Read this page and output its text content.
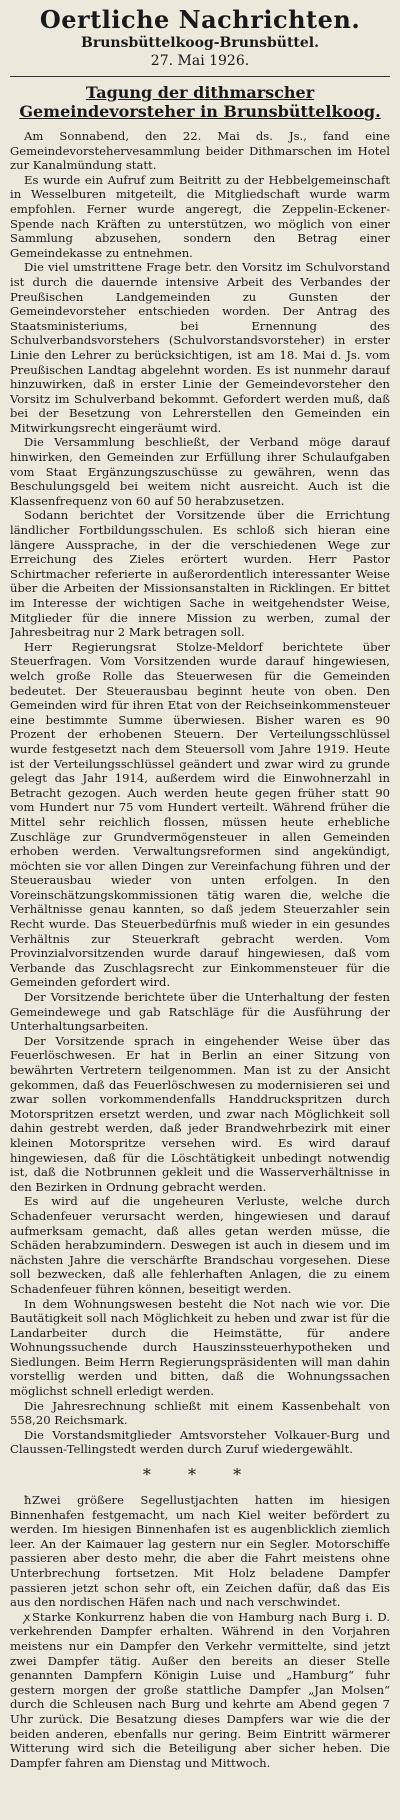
Oertliche Nachrichten.
Brunsbüttelkoog-Brunsbüttel.
27. Mai 1926.
Tagung der dithmarscher Gemeindevorsteher in Brunsbüttelkoog.

Am Sonnabend, den 22. Mai ds. Js., fand eine Gemeindevorstehervesammlung beider Dithmarschen im Hotel zur Kanalmündung statt.

Es wurde ein Aufruf zum Beitritt zu der Hebbelgemeinschaft in Wesselburen mitgeteilt, die Mitgliedschaft wurde warm empfohlen. Ferner wurde angeregt, die Zeppelin-Eckener-Spende nach Kräften zu unterstützen, wo möglich von einer Sammlung abzusehen, sondern den Betrag einer Gemeindekasse zu entnehmen.

Die viel umstrittene Frage betr. den Vorsitz im Schulvorstand ist durch die dauernde intensive Arbeit des Verbandes der Preußischen Landgemeinden zu Gunsten der Gemeindevorsteher entschieden worden. Der Antrag des Staatsministeriums, bei Ernennung des Schulverbandsvorstehers (Schulvorstandsvorsteher) in erster Linie den Lehrer zu berücksichtigen, ist am 18. Mai d. Js. vom Preußischen Landtag abgelehnt worden. Es ist nunmehr darauf hinzuwirken, daß in erster Linie der Gemeindevorsteher den Vorsitz im Schulverband bekommt. Gefordert werden muß, daß bei der Besetzung von Lehrerstellen den Gemeinden ein Mitwirkungsrecht eingeräumt wird.

Die Versammlung beschließt, der Verband möge darauf hinwirken, den Gemeinden zur Erfüllung ihrer Schulaufgaben vom Staat Ergänzungszuschüsse zu gewähren, wenn das Beschulungsgeld bei weitem nicht ausreicht. Auch ist die Klassenfrequenz von 60 auf 50 herabzusetzen.

Sodann berichtet der Vorsitzende über die Errichtung ländlicher Fortbildungsschulen. Es schloß sich hieran eine längere Aussprache, in der die verschiedenen Wege zur Erreichung des Zieles erörtert wurden. Herr Pastor Schirtmacher referierte in außerordentlich interessanter Weise über die Arbeiten der Missionsanstalten in Ricklingen. Er bittet im Interesse der wichtigen Sache in weitgehendster Weise, Mitglieder für die innere Mission zu werben, zumal der Jahresbeitrag nur 2 Mark betragen soll.

Herr Regierungsrat Stolze-Meldorf berichtete über Steuerfragen. Vom Vorsitzenden wurde darauf hingewiesen, welch große Rolle das Steuerwesen für die Gemeinden bedeutet. Der Steuerausbau beginnt heute von oben. Den Gemeinden wird für ihren Etat von der Reichseinkommensteuer eine bestimmte Summe überwiesen. Bisher waren es 90 Prozent der erhobenen Steuern. Der Verteilungsschlüssel wurde festgesetzt nach dem Steuersoll vom Jahre 1919. Heute ist der Verteilungsschlüssel geändert und zwar wird zu grunde gelegt das Jahr 1914, außerdem wird die Einwohnerzahl in Betracht gezogen. Auch werden heute gegen früher statt 90 vom Hundert nur 75 vom Hundert verteilt. Während früher die Mittel sehr reichlich flossen, müssen heute erhebliche Zuschläge zur Grundvermögensteuer in allen Gemeinden erhoben werden. Verwaltungsreformen sind angekündigt, möchten sie vor allen Dingen zur Vereinfachung führen und der Steuerausbau wieder von unten erfolgen. In den Voreinschätzungskommissionen tätig waren die, welche die Verhältnisse genau kannten, so daß jedem Steuerzahler sein Recht wurde. Das Steuerbedürfnis muß wieder in ein gesundes Verhältnis zur Steuerkraft gebracht werden. Vom Provinzialvorsitzenden wurde darauf hingewiesen, daß vom Verbande das Zuschlagsrecht zur Einkommensteuer für die Gemeinden gefordert wird.

Der Vorsitzende berichtete über die Unterhaltung der festen Gemeindewege und gab Ratschläge für die Ausführung der Unterhaltungsarbeiten.

Der Vorsitzende sprach in eingehender Weise über das Feuerlöschwesen. Er hat in Berlin an einer Sitzung von bewährten Vertretern teilgenommen. Man ist zu der Ansicht gekommen, daß das Feuerlöschwesen zu modernisieren sei und zwar sollen vorkommendenfalls Handdruckspritzen durch Motorspritzen ersetzt werden, und zwar nach Möglichkeit soll dahin gestrebt werden, daß jeder Brandwehrbezirk mit einer kleinen Motorspritze versehen wird. Es wird darauf hingewiesen, daß für die Löschtätigkeit unbedingt notwendig ist, daß die Notbrunnen gekleit und die Wasserverhältnisse in den Bezirken in Ordnung gebracht werden.

Es wird auf die ungeheuren Verluste, welche durch Schadenfeuer verursacht werden, hingewiesen und darauf aufmerksam gemacht, daß alles getan werden müsse, die Schäden herabzumindern. Deswegen ist auch in diesem und im nächsten Jahre die verschärfte Brandschau vorgesehen. Diese soll bezwecken, daß alle fehlerhaften Anlagen, die zu einem Schadenfeuer führen können, beseitigt werden.

In dem Wohnungswesen besteht die Not nach wie vor. Die Bautätigkeit soll nach Möglichkeit zu heben und zwar ist für die Landarbeiter durch die Heimstätte, für andere Wohnungssuchende durch Hauszinssteuerhypotheken und Siedlungen. Beim Herrn Regierungspräsidenten will man dahin vorstellig werden und bitten, daß die Wohnungssachen möglichst schnell erledigt werden.

Die Jahresrechnung schließt mit einem Kassenbehalt von 558,20 Reichsmark.

Die Vorstandsmitglieder Amtsvorsteher Volkauer-Burg und Claussen-Tellingstedt werden durch Zuruf wiedergewählt.

* * *

ħZwei größere Segellustjachten hatten im hiesigen Binnenhafen festgemacht, um nach Kiel weiter befördert zu werden. Im hiesigen Binnenhafen ist es augenblicklich ziemlich leer. An der Kaimauer lag gestern nur ein Segler. Motorschiffe passieren aber desto mehr, die aber die Fahrt meistens ohne Unterbrechung fortsetzen. Mit Holz beladene Dampfer passieren jetzt schon sehr oft, ein Zeichen dafür, daß das Eis aus den nordischen Häfen nach und nach verschwindet.

ꭗ Starke Konkurrenz haben die von Hamburg nach Burg i. D. verkehrenden Dampfer erhalten. Während in den Vorjahren meistens nur ein Dampfer den Verkehr vermittelte, sind jetzt zwei Dampfer tätig. Außer den bereits an dieser Stelle genannten Dampfern Königin Luise und „Hamburg“ fuhr gestern morgen der große stattliche Dampfer „Jan Molsen“ durch die Schleusen nach Burg und kehrte am Abend gegen 7 Uhr zurück. Die Besatzung dieses Dampfers war wie die der beiden anderen, ebenfalls nur gering. Beim Eintritt wärmerer Witterung wird sich die Beteiligung aber sicher heben. Die Dampfer fahren am Dienstag und Mittwoch.
